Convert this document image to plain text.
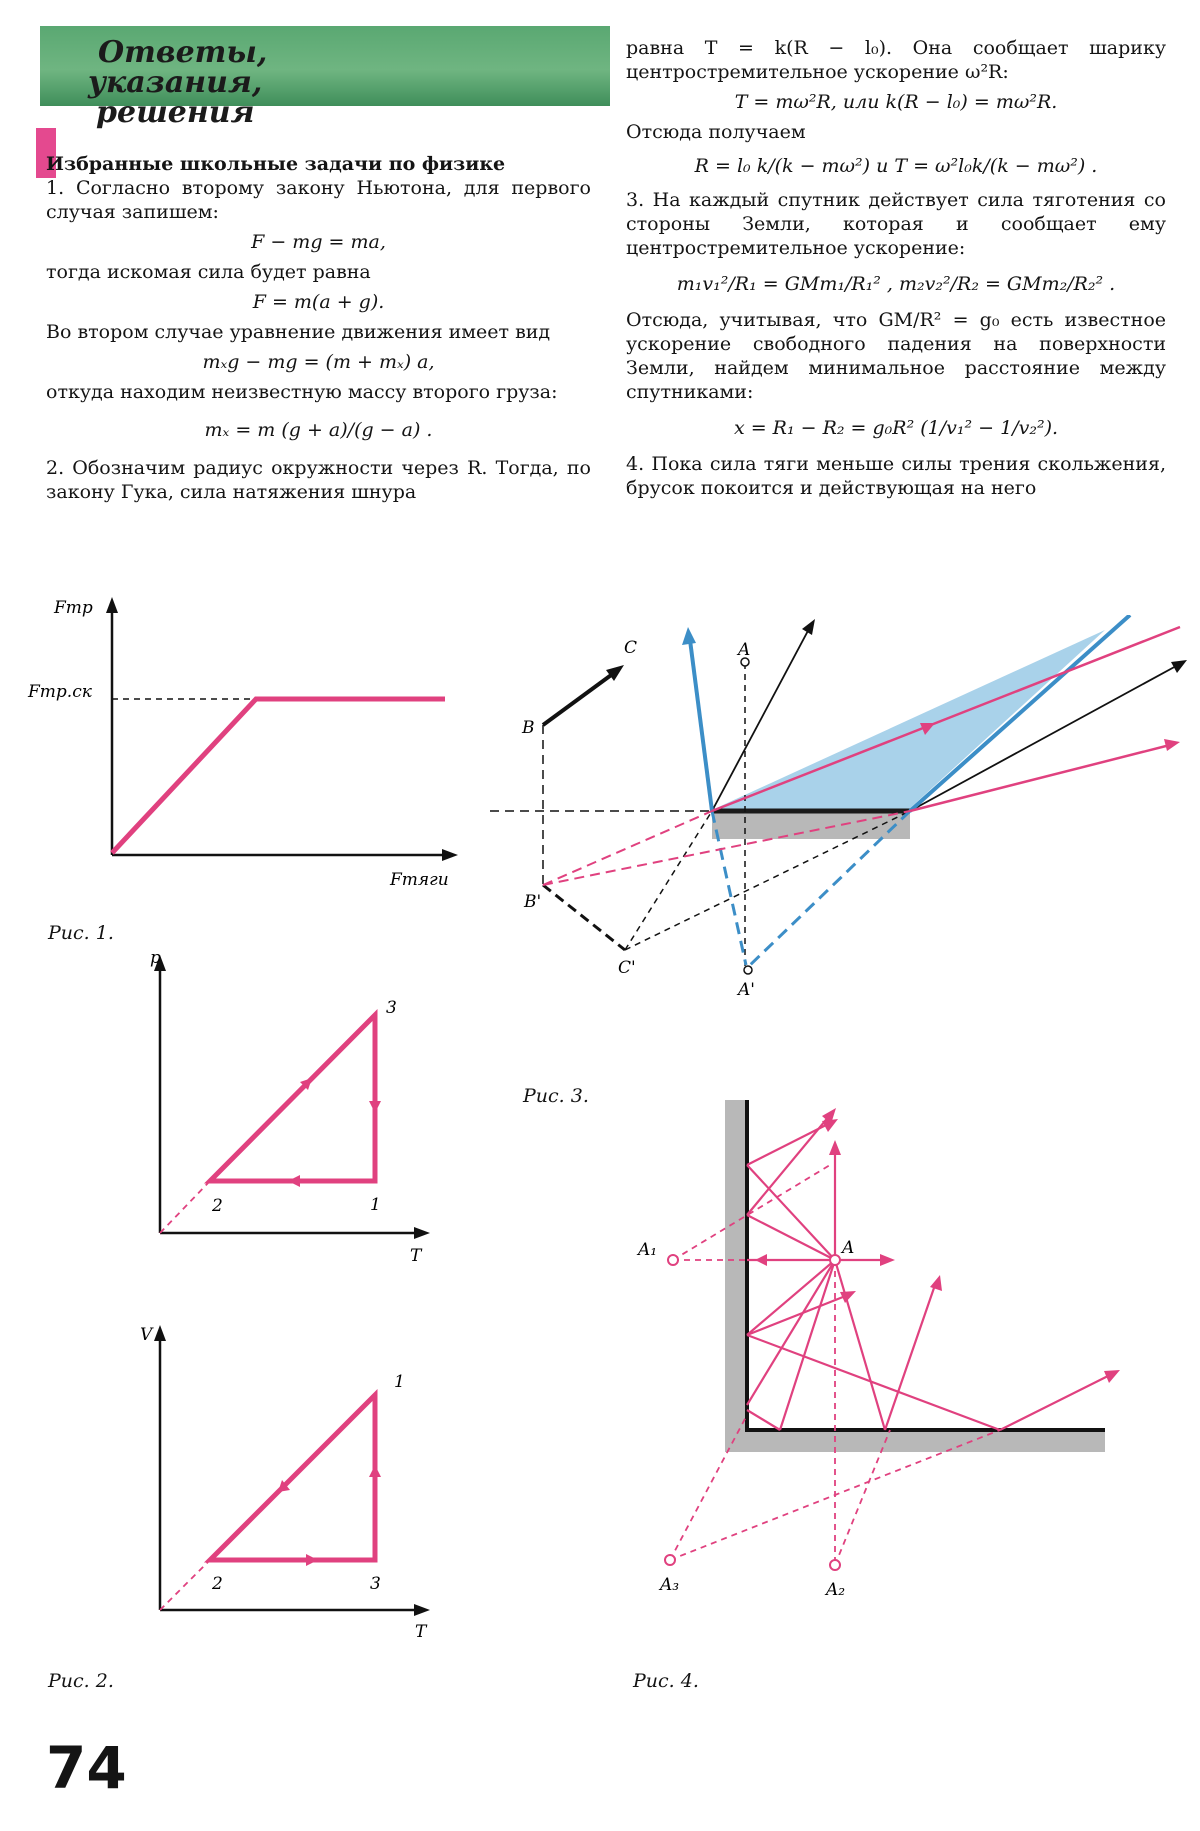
Ответы,
указания,
решения

Избранные школьные задачи по физике

1. Согласно второму закону Ньютона, для первого случая запишем:

F − mg = ma,

тогда искомая сила будет равна

F = m(a + g).

Во втором случае уравнение движения имеет вид

mₓg − mg = (m + mₓ) a,

откуда находим неизвестную массу второго груза:

mₓ = m (g + a)/(g − a) .

2. Обозначим радиус окружности через R. Тогда, по закону Гука, сила натяжения шнура

равна T = k(R − l₀). Она сообщает шарику центростремительное ускорение ω²R:

T = mω²R, или k(R − l₀) = mω²R.

Отсюда получаем

R = l₀ k/(k − mω²) и T = ω²l₀k/(k − mω²) .

3. На каждый спутник действует сила тяготения со стороны Земли, которая и сообщает ему центростремительное ускорение:

m₁v₁²/R₁ = GMm₁/R₁² , m₂v₂²/R₂ = GMm₂/R₂² .

Отсюда, учитывая, что GM/R² = g₀ есть известное ускорение свободного падения на поверхности Земли, найдем минимальное расстояние между спутниками:

x = R₁ − R₂ = g₀R² (1/v₁² − 1/v₂²).

4. Пока сила тяги меньше силы трения скольжения, брусок покоится и действующая на него

Fтр
Fтр.ск
Fтяги
Рис. 1.
p
T
1
2
3
V
T
1
2	3
Рис. 2.
A
A'
B
B'
C
C'
Рис. 3.
A
A₁
A₂
A₃
Рис. 4.
74
